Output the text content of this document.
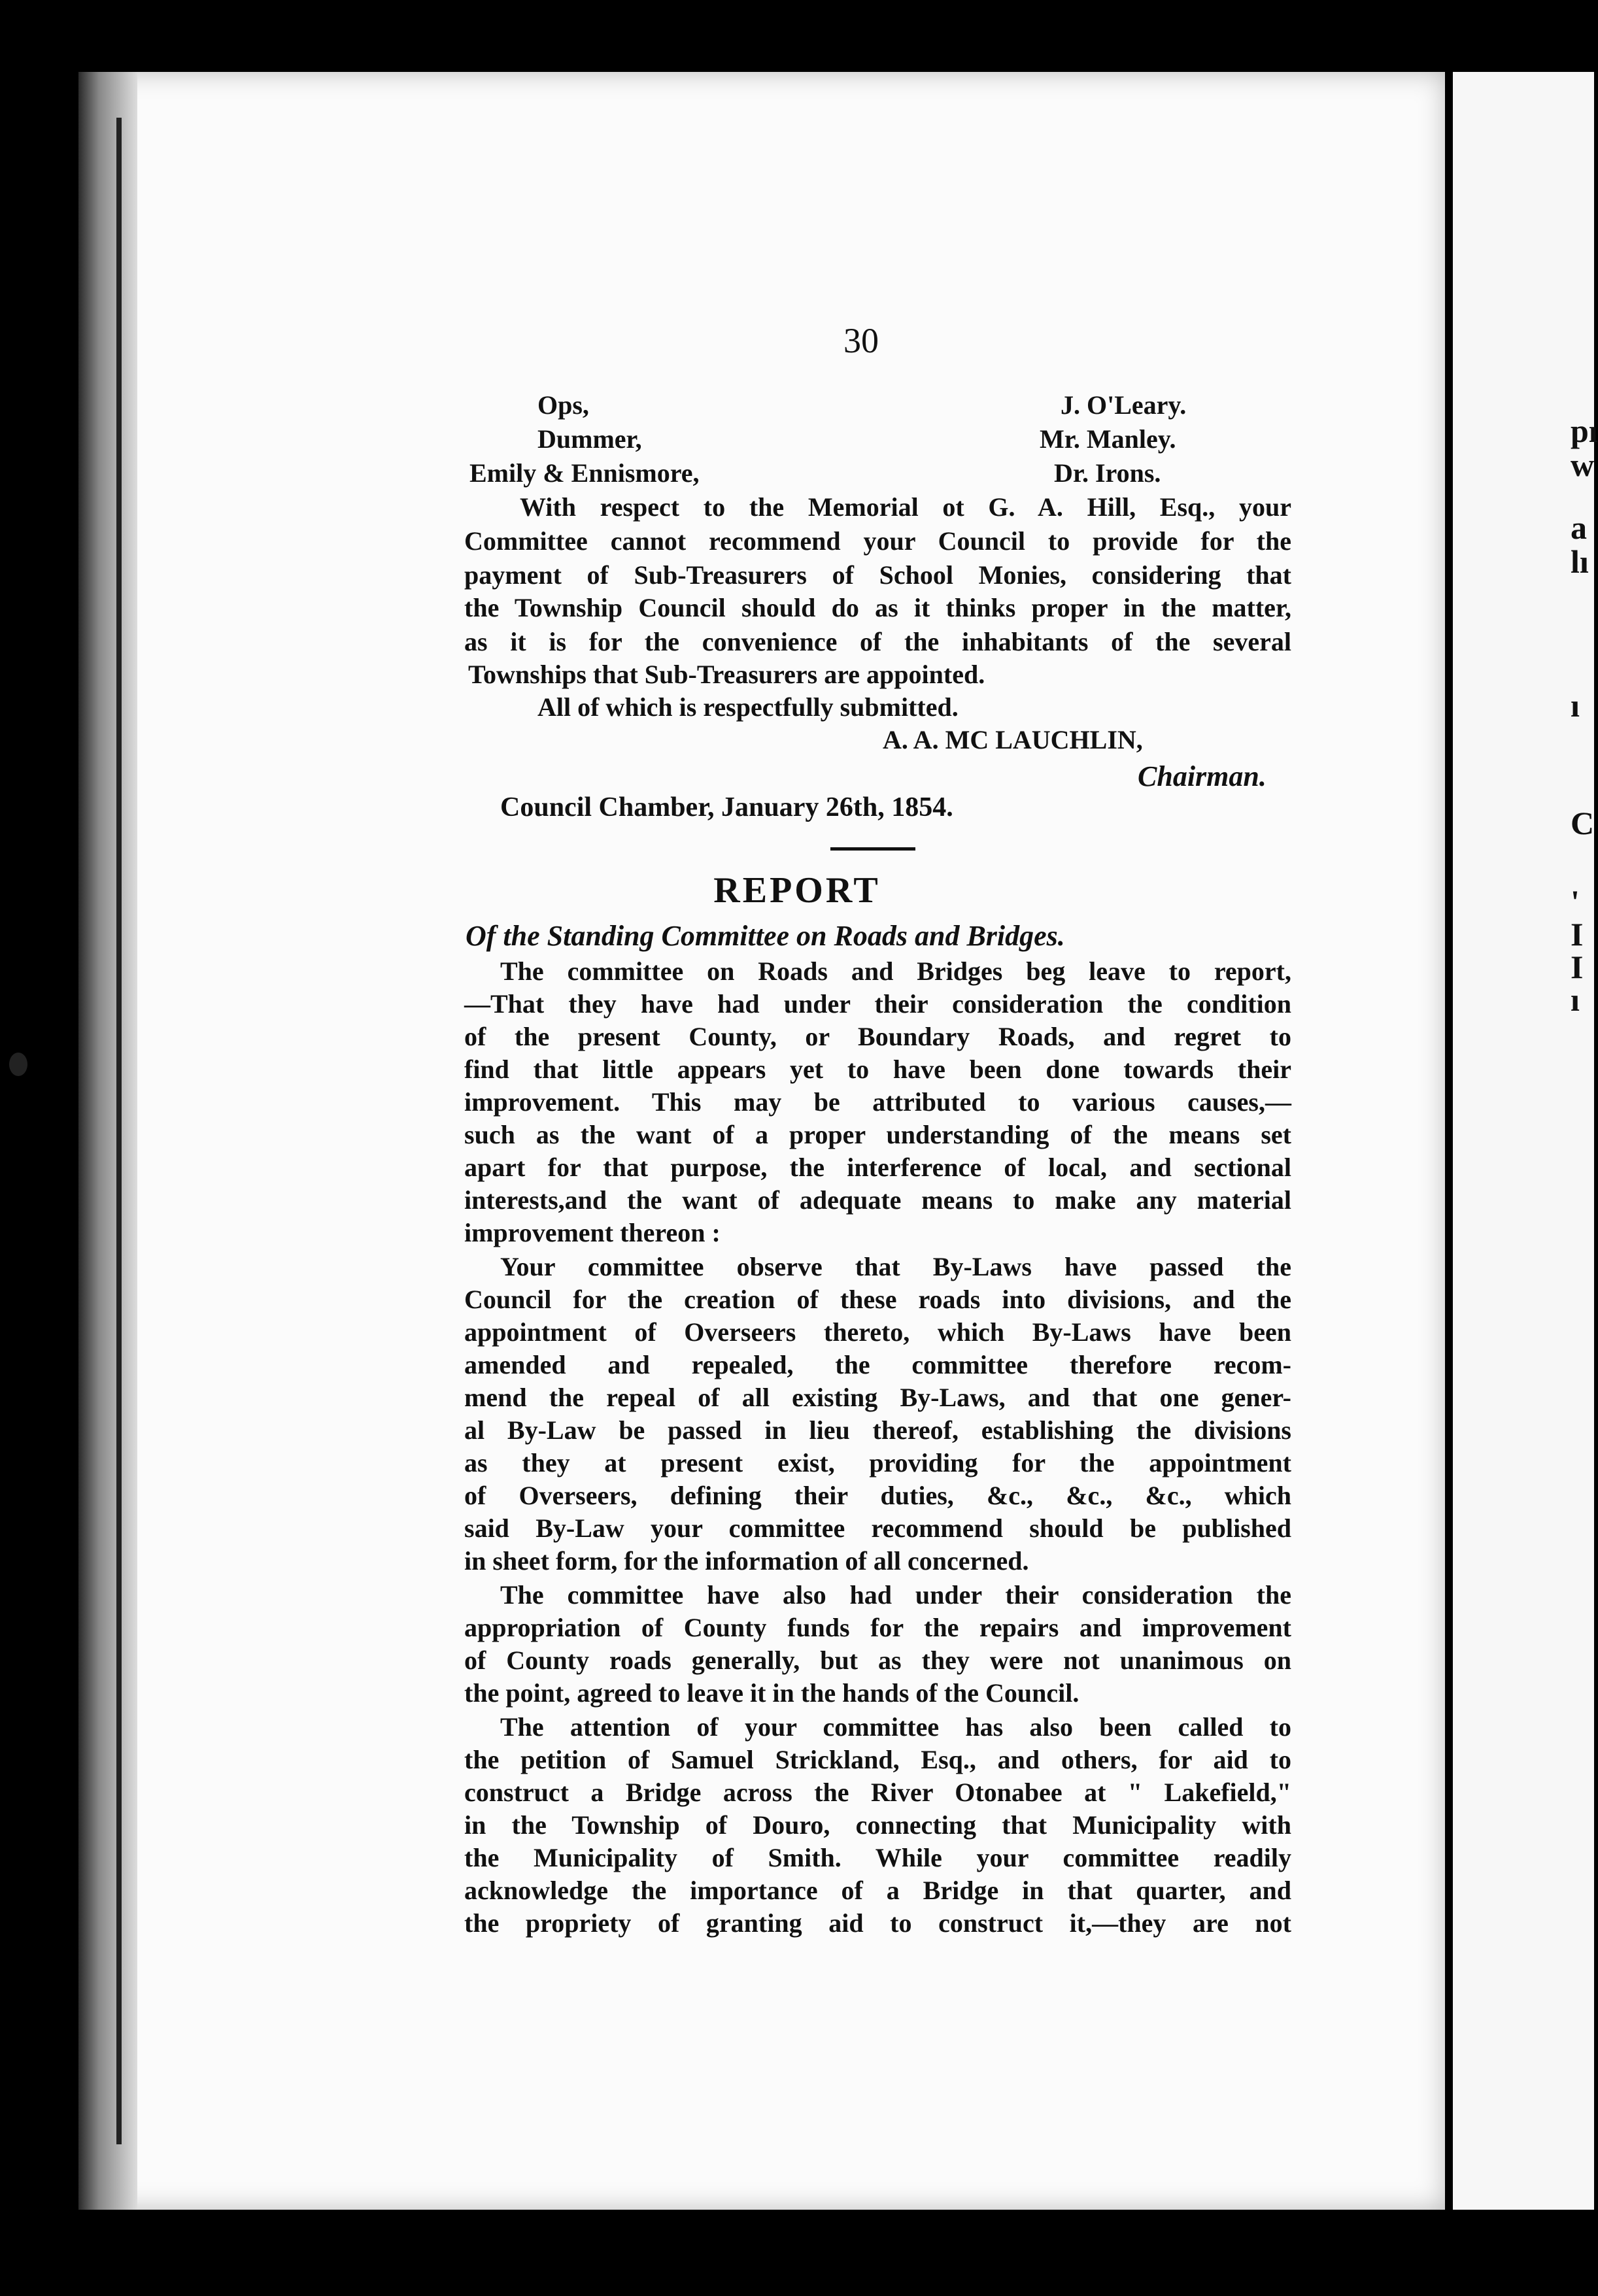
pı
w
a
lı
ı
C
'
I
I
ı
30
Ops,	J. O'Leary.
Dummer,	Mr. Manley.
Emily & Ennismore,	Dr. Irons.
With respect to the Memorial ot G. A. Hill, Esq., your
Committee cannot recommend your Council to provide for the
payment of Sub-Treasurers of School Monies, considering that
the Township Council should do as it thinks proper in the matter,
as it is for the convenience of the inhabitants of the several
Townships that Sub-Treasurers are appointed.
All of which is respectfully submitted.
A. A. MC LAUCHLIN,
Chairman.
Council Chamber, January 26th, 1854.
REPORT
Of the Standing Committee on Roads and Bridges.
The committee on Roads and Bridges beg leave to report,
—That they have had under their consideration the condition
of the present County, or Boundary Roads, and regret to
find that little appears yet to have been done towards their
improvement. This may be attributed to various causes,—
such as the want of a proper understanding of the means set
apart for that purpose, the interference of local, and sectional
interests,and the want of adequate means to make any material
improvement thereon :
Your committee observe that By-Laws have passed the
Council for the creation of these roads into divisions, and the
appointment of Overseers thereto, which By-Laws have been
amended and repealed, the committee therefore recom-
mend the repeal of all existing By-Laws, and that one gener-
al By-Law be passed in lieu thereof, establishing the divisions
as they at present exist, providing for the appointment
of Overseers, defining their duties, &c., &c., &c., which
said By-Law your committee recommend should be published
in sheet form, for the information of all concerned.
The committee have also had under their consideration the
appropriation of County funds for the repairs and improvement
of County roads generally, but as they were not unanimous on
the point, agreed to leave it in the hands of the Council.
The attention of your committee has also been called to
the petition of Samuel Strickland, Esq., and others, for aid to
construct a Bridge across the River Otonabee at " Lakefield,"
in the Township of Douro, connecting that Municipality with
the Municipality of Smith. While your committee readily
acknowledge the importance of a Bridge in that quarter, and
the propriety of granting aid to construct it,—they are not
